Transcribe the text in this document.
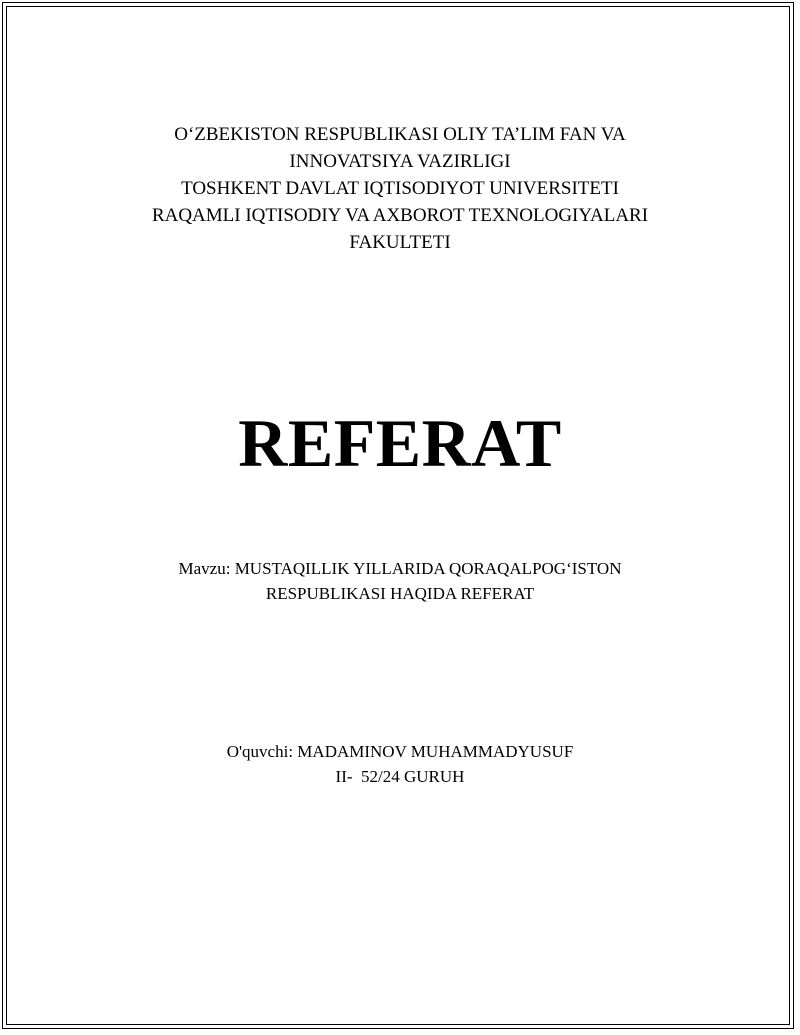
O‘ZBEKISTON RESPUBLIKASI OLIY TA’LIM FAN VA
INNOVATSIYA VAZIRLIGI
TOSHKENT DAVLAT IQTISODIYOT UNIVERSITETI
RAQAMLI IQTISODIY VA AXBOROT TEXNOLOGIYALARI
FAKULTETI
REFERAT
Mavzu: MUSTAQILLIK YILLARIDA QORAQALPOG‘ISTON
RESPUBLIKASI HAQIDA REFERAT
O'quvchi: MADAMINOV MUHAMMADYUSUF
II-  52/24 GURUH
